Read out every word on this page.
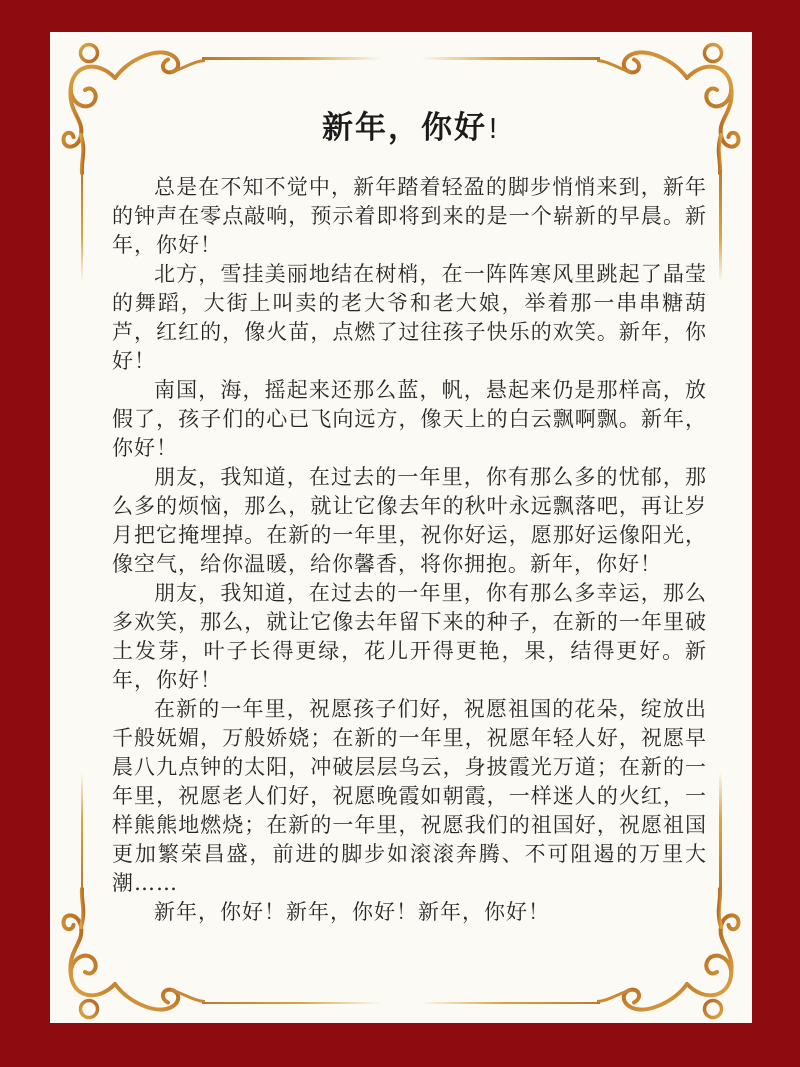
新年，你好!

总是在不知不觉中，新年踏着轻盈的脚步悄悄来到，新年的钟声在零点敲响，预示着即将到来的是一个崭新的早晨。新年，你好！

北方，雪挂美丽地结在树梢，在一阵阵寒风里跳起了晶莹的舞蹈，大街上叫卖的老大爷和老大娘，举着那一串串糖葫芦，红红的，像火苗，点燃了过往孩子快乐的欢笑。新年，你好！

南国，海，摇起来还那么蓝，帆，悬起来仍是那样高，放假了，孩子们的心已飞向远方，像天上的白云飘啊飘。新年，你好！

朋友，我知道，在过去的一年里，你有那么多的忧郁，那么多的烦恼，那么，就让它像去年的秋叶永远飘落吧，再让岁月把它掩埋掉。在新的一年里，祝你好运，愿那好运像阳光，像空气，给你温暖，给你馨香，将你拥抱。新年，你好！

朋友，我知道，在过去的一年里，你有那么多幸运，那么多欢笑，那么，就让它像去年留下来的种子，在新的一年里破土发芽，叶子长得更绿，花儿开得更艳，果，结得更好。新年，你好！

在新的一年里，祝愿孩子们好，祝愿祖国的花朵，绽放出千般妩媚，万般娇娆；在新的一年里，祝愿年轻人好，祝愿早晨八九点钟的太阳，冲破层层乌云，身披霞光万道；在新的一年里，祝愿老人们好，祝愿晚霞如朝霞，一样迷人的火红，一样熊熊地燃烧；在新的一年里，祝愿我们的祖国好，祝愿祖国更加繁荣昌盛，前进的脚步如滚滚奔腾、不可阻遏的万里大潮……

新年，你好！新年，你好！新年，你好！
